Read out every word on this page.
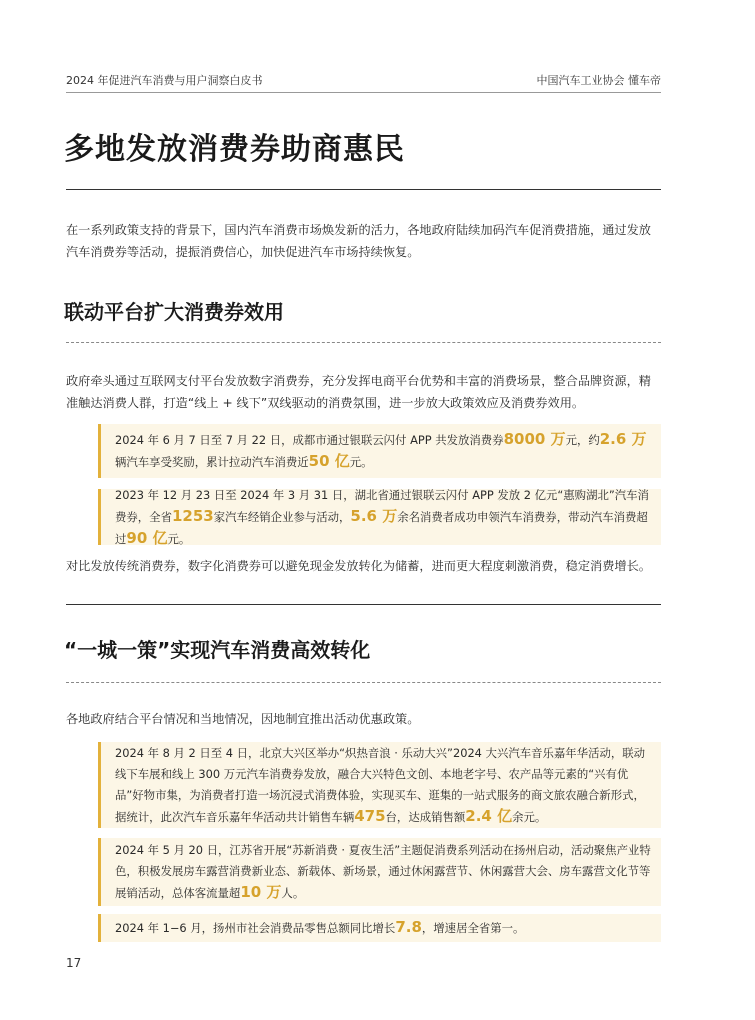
2024 年促进汽车消费与用户洞察白皮书	中国汽车工业协会 懂车帝
多地发放消费券助商惠民

在一系列政策支持的背景下，国内汽车消费市场焕发新的活力，各地政府陆续加码汽车促消费措施，通过发放汽车消费券等活动，提振消费信心，加快促进汽车市场持续恢复。

联动平台扩大消费券效用

政府牵头通过互联网支付平台发放数字消费券，充分发挥电商平台优势和丰富的消费场景，整合品牌资源，精准触达消费人群，打造“线上 + 线下”双线驱动的消费氛围，进一步放大政策效应及消费券效用。

2024 年 6 月 7 日至 7 月 22 日，成都市通过银联云闪付 APP 共发放消费券8000 万元，约2.6 万辆汽车享受奖励，累计拉动汽车消费近50 亿元。

2023 年 12 月 23 日至 2024 年 3 月 31 日，湖北省通过银联云闪付 APP 发放 2 亿元“惠购湖北”汽车消费券，全省1253家汽车经销企业参与活动，5.6 万余名消费者成功申领汽车消费券，带动汽车消费超过90 亿元。

对比发放传统消费券，数字化消费券可以避免现金发放转化为储蓄，进而更大程度刺激消费，稳定消费增长。

“一城一策”实现汽车消费高效转化

各地政府结合平台情况和当地情况，因地制宜推出活动优惠政策。

2024 年 8 月 2 日至 4 日，北京大兴区举办“炽热音浪 · 乐动大兴”2024 大兴汽车音乐嘉年华活动，联动线下车展和线上 300 万元汽车消费券发放，融合大兴特色文创、本地老字号、农产品等元素的“兴有优品”好物市集，为消费者打造一场沉浸式消费体验，实现买车、逛集的一站式服务的商文旅农融合新形式，据统计，此次汽车音乐嘉年华活动共计销售车辆475台，达成销售额2.4 亿余元。

2024 年 5 月 20 日，江苏省开展“苏新消费 · 夏夜生活”主题促消费系列活动在扬州启动，活动聚焦产业特色，积极发展房车露营消费新业态、新载体、新场景，通过休闲露营节、休闲露营大会、房车露营文化节等展销活动，总体客流量超10 万人。

2024 年 1−6 月，扬州市社会消费品零售总额同比增长7.8，增速居全省第一。

17
